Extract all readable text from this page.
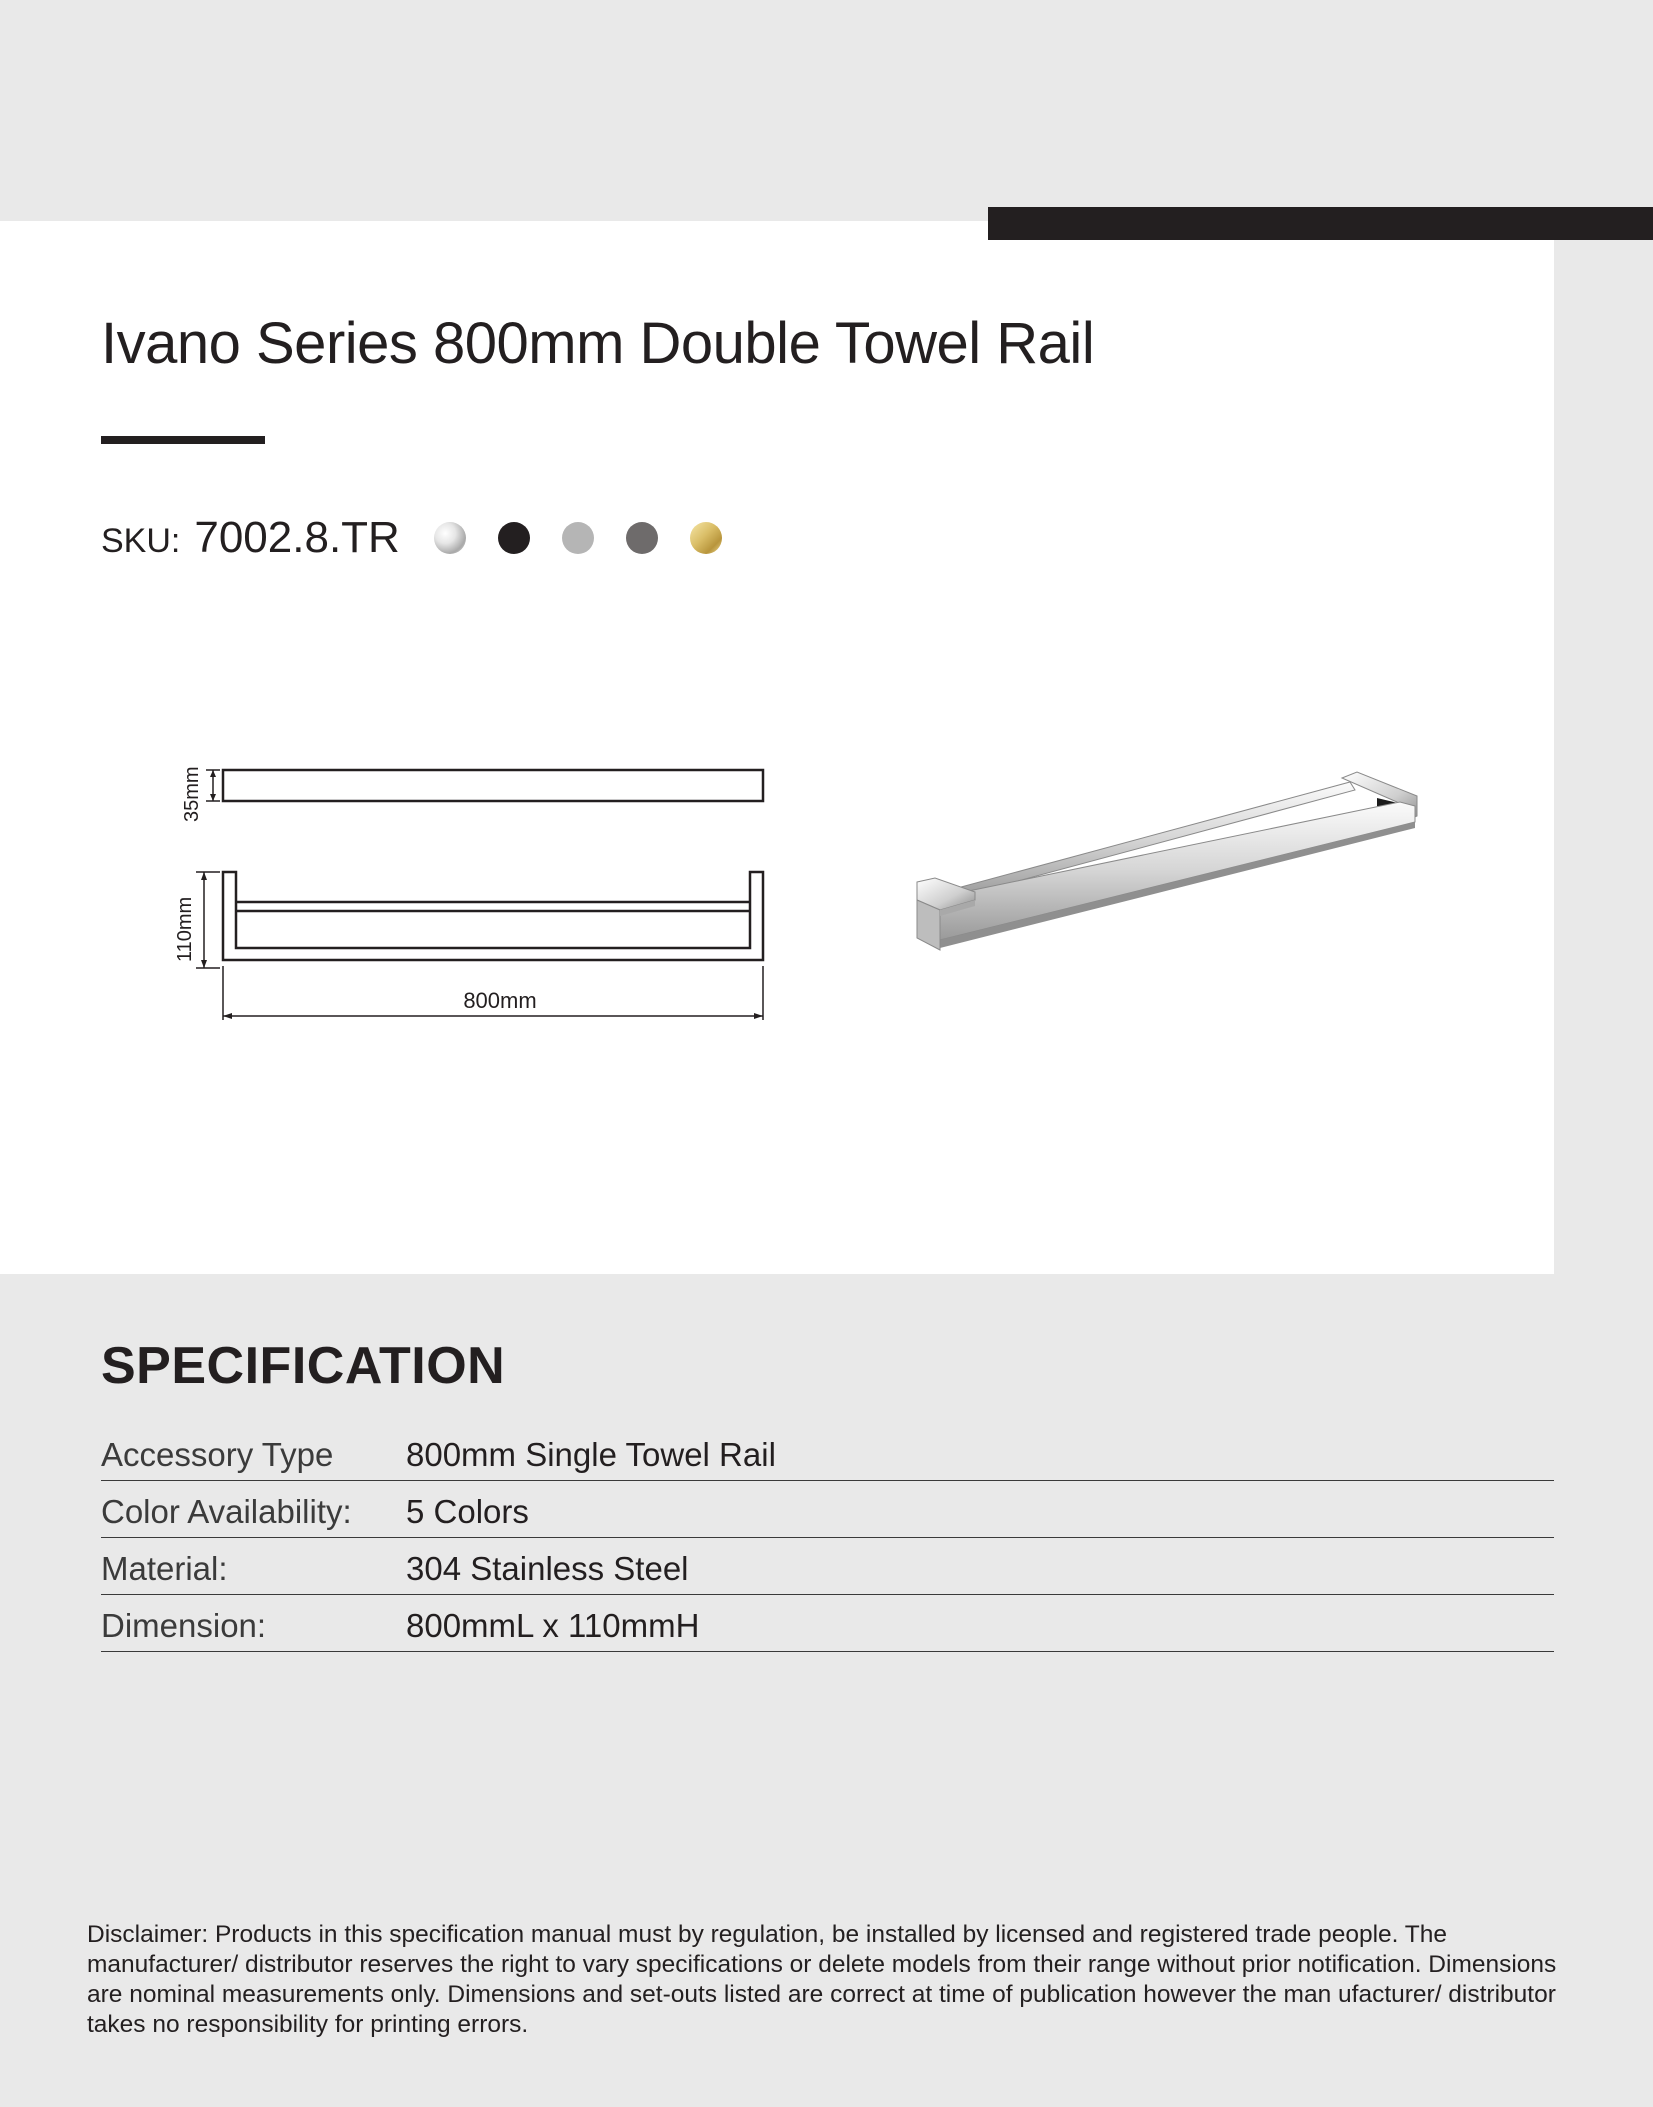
Ivano Series 800mm Double Towel Rail
SKU: 7002.8.TR
35mm
110mm
800mm
SPECIFICATION
Accessory Type	800mm Single Towel Rail
Color Availability:	5 Colors
Material:	304 Stainless Steel
Dimension:	800mmL x 110mmH

Disclaimer: Products in this specification manual must by regulation, be installed by licensed and registered trade people. The manufacturer/ distributor reserves the right to vary specifications or delete models from their range without prior notification. Dimensions are nominal measurements only. Dimensions and set-outs listed are correct at time of publication however the man ufacturer/ distributor takes no responsibility for printing errors.
